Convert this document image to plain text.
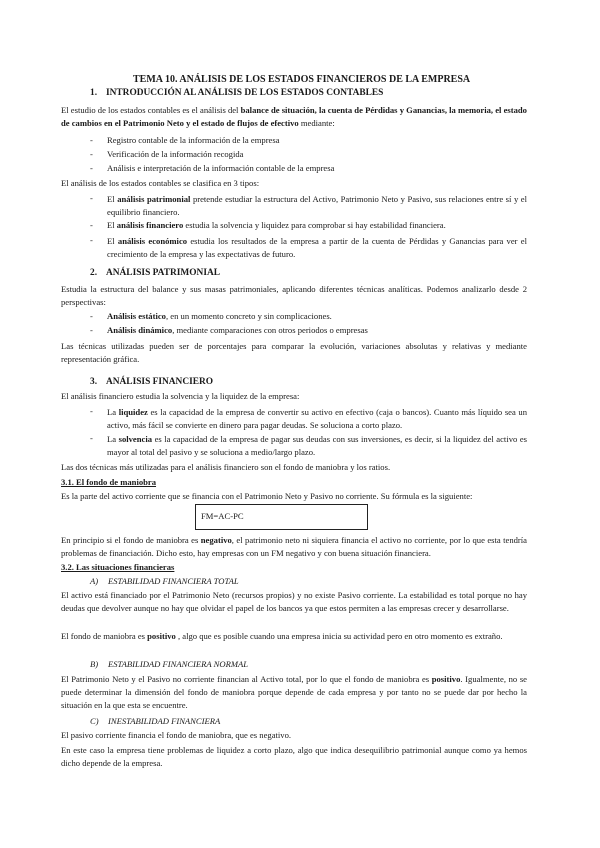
TEMA 10. ANÁLISIS DE LOS ESTADOS FINANCIEROS DE LA EMPRESA
1. INTRODUCCIÓN AL ANÁLISIS DE LOS ESTADOS CONTABLES
El estudio de los estados contables es el análisis del balance de situación, la cuenta de Pérdidas y Ganancias, la memoria, el estado de cambios en el Patrimonio Neto y el estado de flujos de efectivo mediante:
- Registro contable de la información de la empresa
- Verificación de la información recogida
- Análisis e interpretación de la información contable de la empresa
El análisis de los estados contables se clasifica en 3 tipos:
- El análisis patrimonial pretende estudiar la estructura del Activo, Patrimonio Neto y Pasivo, sus relaciones entre sí y el equilibrio financiero.
- El análisis financiero estudia la solvencia y liquidez para comprobar si hay estabilidad financiera.
- El análisis económico estudia los resultados de la empresa a partir de la cuenta de Pérdidas y Ganancias para ver el crecimiento de la empresa y las expectativas de futuro.
2. ANÁLISIS PATRIMONIAL
Estudia la estructura del balance y sus masas patrimoniales, aplicando diferentes técnicas analíticas. Podemos analizarlo desde 2 perspectivas:
- Análisis estático, en un momento concreto y sin complicaciones.
- Análisis dinámico, mediante comparaciones con otros periodos o empresas
Las técnicas utilizadas pueden ser de porcentajes para comparar la evolución, variaciones absolutas y relativas y mediante representación gráfica.
3. ANÁLISIS FINANCIERO
El análisis financiero estudia la solvencia y la liquidez de la empresa:
- La liquidez es la capacidad de la empresa de convertir su activo en efectivo (caja o bancos). Cuanto más líquido sea un activo, más fácil se convierte en dinero para pagar deudas. Se soluciona a corto plazo.
- La solvencia es la capacidad de la empresa de pagar sus deudas con sus inversiones, es decir, si la liquidez del activo es mayor al total del pasivo y se soluciona a medio/largo plazo.
Las dos técnicas más utilizadas para el análisis financiero son el fondo de maniobra y los ratios.
3.1. El fondo de maniobra
Es la parte del activo corriente que se financia con el Patrimonio Neto y Pasivo no corriente. Su fórmula es la siguiente:
FM=AC-PC
En principio si el fondo de maniobra es negativo, el patrimonio neto ni siquiera financia el activo no corriente, por lo que esta tendría problemas de financiación. Dicho esto, hay empresas con un FM negativo y con buena situación financiera.
3.2. Las situaciones financieras
A) ESTABILIDAD FINANCIERA TOTAL
El activo está financiado por el Patrimonio Neto (recursos propios) y no existe Pasivo corriente. La estabilidad es total porque no hay deudas que devolver aunque no hay que olvidar el papel de los bancos ya que estos permiten a las empresas crecer y desarrollarse.
El fondo de maniobra es positivo , algo que es posible cuando una empresa inicia su actividad pero en otro momento es extraño.
B) ESTABILIDAD FINANCIERA NORMAL
El Patrimonio Neto y el Pasivo no corriente financian al Activo total, por lo que el fondo de maniobra es positivo. Igualmente, no se puede determinar la dimensión del fondo de maniobra porque depende de cada empresa y por tanto no se puede dar por hecho la situación en la que esta se encuentre.
C) INESTABILIDAD FINANCIERA
El pasivo corriente financia el fondo de maniobra, que es negativo.
En este caso la empresa tiene problemas de liquidez a corto plazo, algo que indica desequilibrio patrimonial aunque como ya hemos dicho depende de la empresa.
